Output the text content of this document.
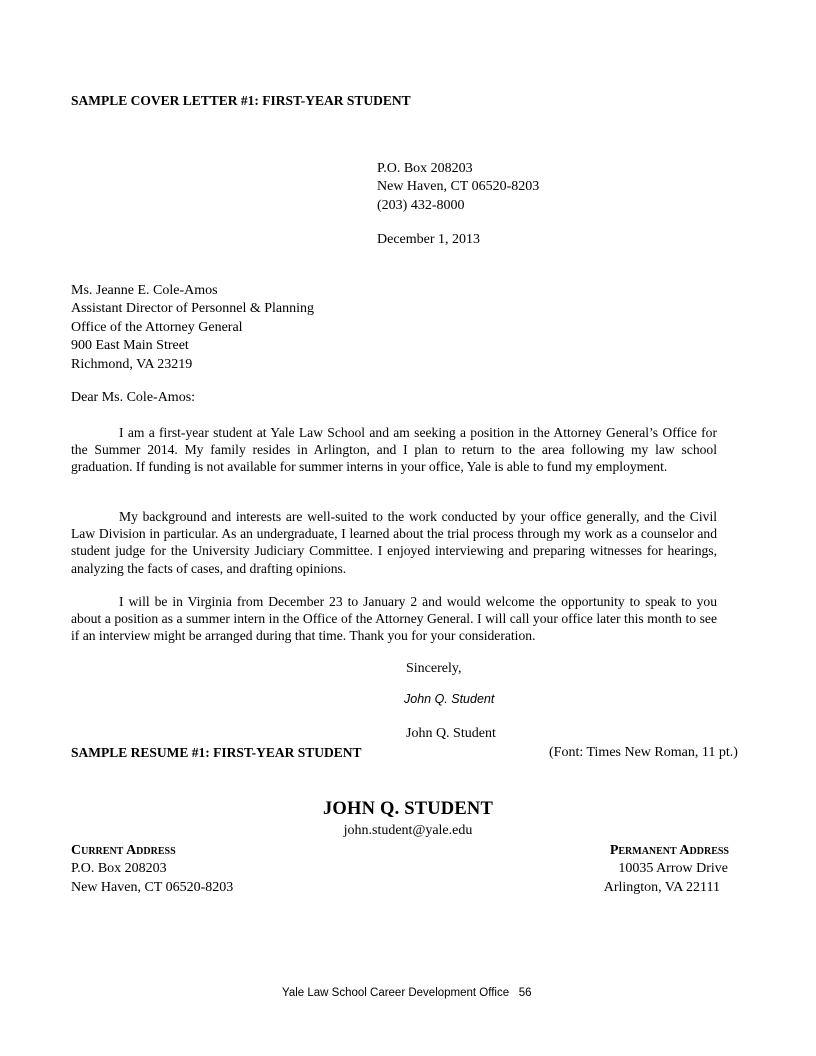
SAMPLE COVER LETTER #1: FIRST-YEAR STUDENT
P.O. Box 208203
New Haven, CT 06520-8203
(203) 432-8000
December 1, 2013
Ms. Jeanne E. Cole-Amos
Assistant Director of Personnel & Planning
Office of the Attorney General
900 East Main Street
Richmond, VA 23219
Dear Ms. Cole-Amos:
I am a first-year student at Yale Law School and am seeking a position in the Attorney General’s Office for the Summer 2014. My family resides in Arlington, and I plan to return to the area following my law school graduation. If funding is not available for summer interns in your office, Yale is able to fund my employment.
My background and interests are well-suited to the work conducted by your office generally, and the Civil Law Division in particular. As an undergraduate, I learned about the trial process through my work as a counselor and student judge for the University Judiciary Committee. I enjoyed interviewing and preparing witnesses for hearings, analyzing the facts of cases, and drafting opinions.
I will be in Virginia from December 23 to January 2 and would welcome the opportunity to speak to you about a position as a summer intern in the Office of the Attorney General. I will call your office later this month to see if an interview might be arranged during that time. Thank you for your consideration.
Sincerely,
John Q. Student
John Q. Student
SAMPLE RESUME #1: FIRST-YEAR STUDENT	(Font: Times New Roman, 11 pt.)
JOHN Q. STUDENT
john.student@yale.edu
Current Address
P.O. Box 208203
New Haven, CT 06520-8203
Permanent Address
10035 Arrow Drive
Arlington, VA 22111
Yale Law School Career Development Office 56
